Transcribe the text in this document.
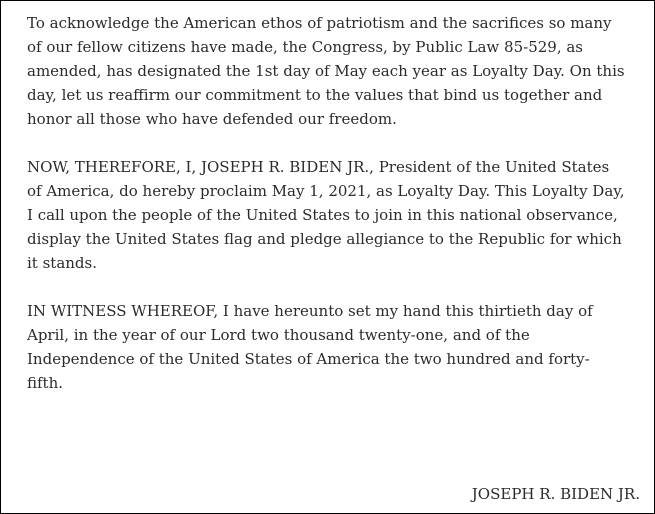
To acknowledge the American ethos of patriotism and the sacrifices so many
of our fellow citizens have made, the Congress, by Public Law 85-529, as
amended, has designated the 1st day of May each year as Loyalty Day. On this
day, let us reaffirm our commitment to the values that bind us together and
honor all those who have defended our freedom.

NOW, THEREFORE, I, JOSEPH R. BIDEN JR., President of the United States
of America, do hereby proclaim May 1, 2021, as Loyalty Day. This Loyalty Day,
I call upon the people of the United States to join in this national observance,
display the United States flag and pledge allegiance to the Republic for which
it stands.

IN WITNESS WHEREOF, I have hereunto set my hand this thirtieth day of
April, in the year of our Lord two thousand twenty-one, and of the
Independence of the United States of America the two hundred and forty-
fifth.

JOSEPH R. BIDEN JR.
